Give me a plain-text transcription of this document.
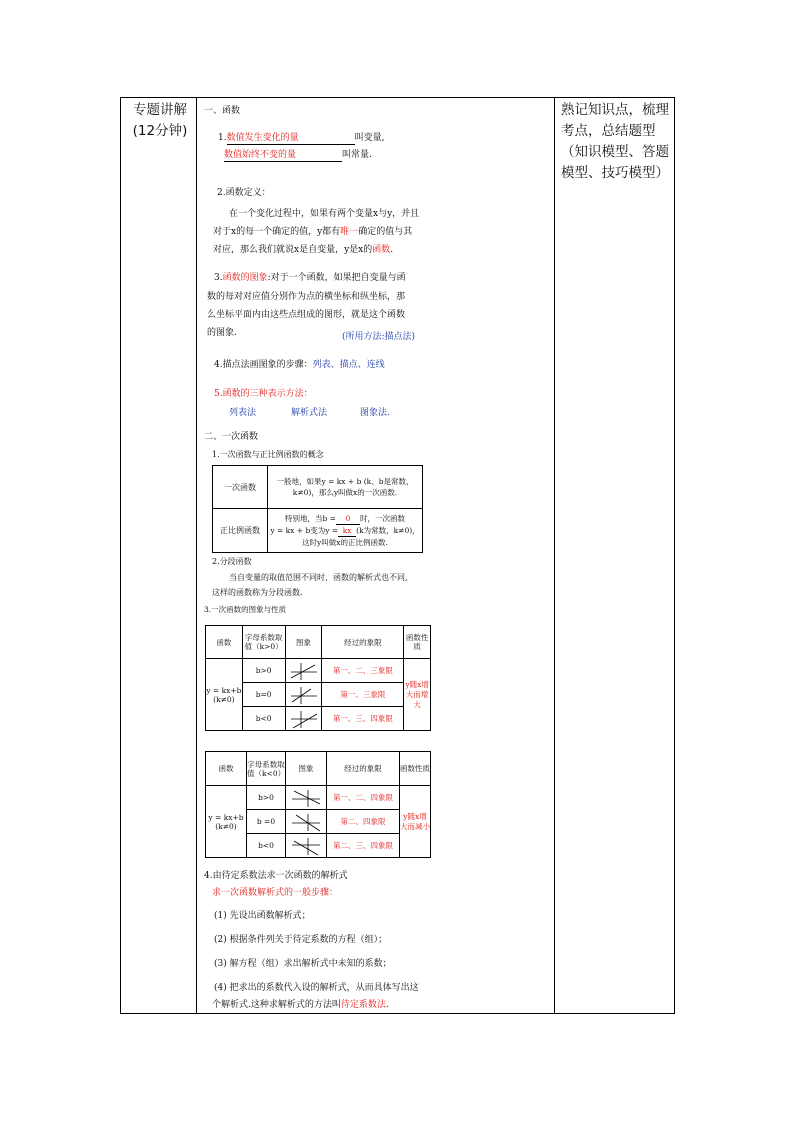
专题讲解(12分钟)
熟记知识点，梳理考点，总结题型（知识模型、答题模型、技巧模型）
一、函数
1.数值发生变化的量	叫变量,
数值始终不变的量	叫常量.
2.函数定义：
在一个变化过程中，如果有两个变量x与y，并且
对于x的每一个确定的值，y都有唯一确定的值与其
对应，那么我们就说x是自变量，y是x的函数.
3.函数的图象:对于一个函数，如果把自变量与函
数的每对对应值分别作为点的横坐标和纵坐标，那
么坐标平面内由这些点组成的图形，就是这个函数
的图象.	(所用方法:描点法)
4.描点法画图象的步骤：列表、描点、连线
5.函数的三种表示方法：
列表法	解析式法	图象法.
二、一次函数
1.一次函数与正比例函数的概念
一次函数	一般地，如果y = kx + b (k、b是常数，
k≠0)，那么y叫做x的一次函数.

正比例函数	特别地，当b = 0 时，一次函数
y = kx + b变为y = kx (k为常数，k≠0)，
这时y叫做x的正比例函数.
2.分段函数
当自变量的取值范围不同时，函数的解析式也不同,
这样的函数称为分段函数.
3.一次函数的图象与性质
函数	字母系数取值（k>0）	图象	经过的象限	函数性质
y = kx+b (k≠0)	b>0		第一、二、三象限	y随x增大而增大
	b=0		第一、三象限	
	b<0		第一、三、四象限	
函数	字母系数取值（k<0）	图象	经过的象限	函数性质
y = kx+b (k≠0)	b>0		第一、二、四象限	y随x增大而减小
	b =0		第二、四象限	
	b<0		第二、三、四象限	
4.由待定系数法求一次函数的解析式
求一次函数解析式的一般步骤：
(1) 先设出函数解析式；
(2) 根据条件列关于待定系数的方程（组）；
(3) 解方程（组）求出解析式中未知的系数；
(4) 把求出的系数代入设的解析式，从而具体写出这
个解析式.这种求解析式的方法叫待定系数法.
